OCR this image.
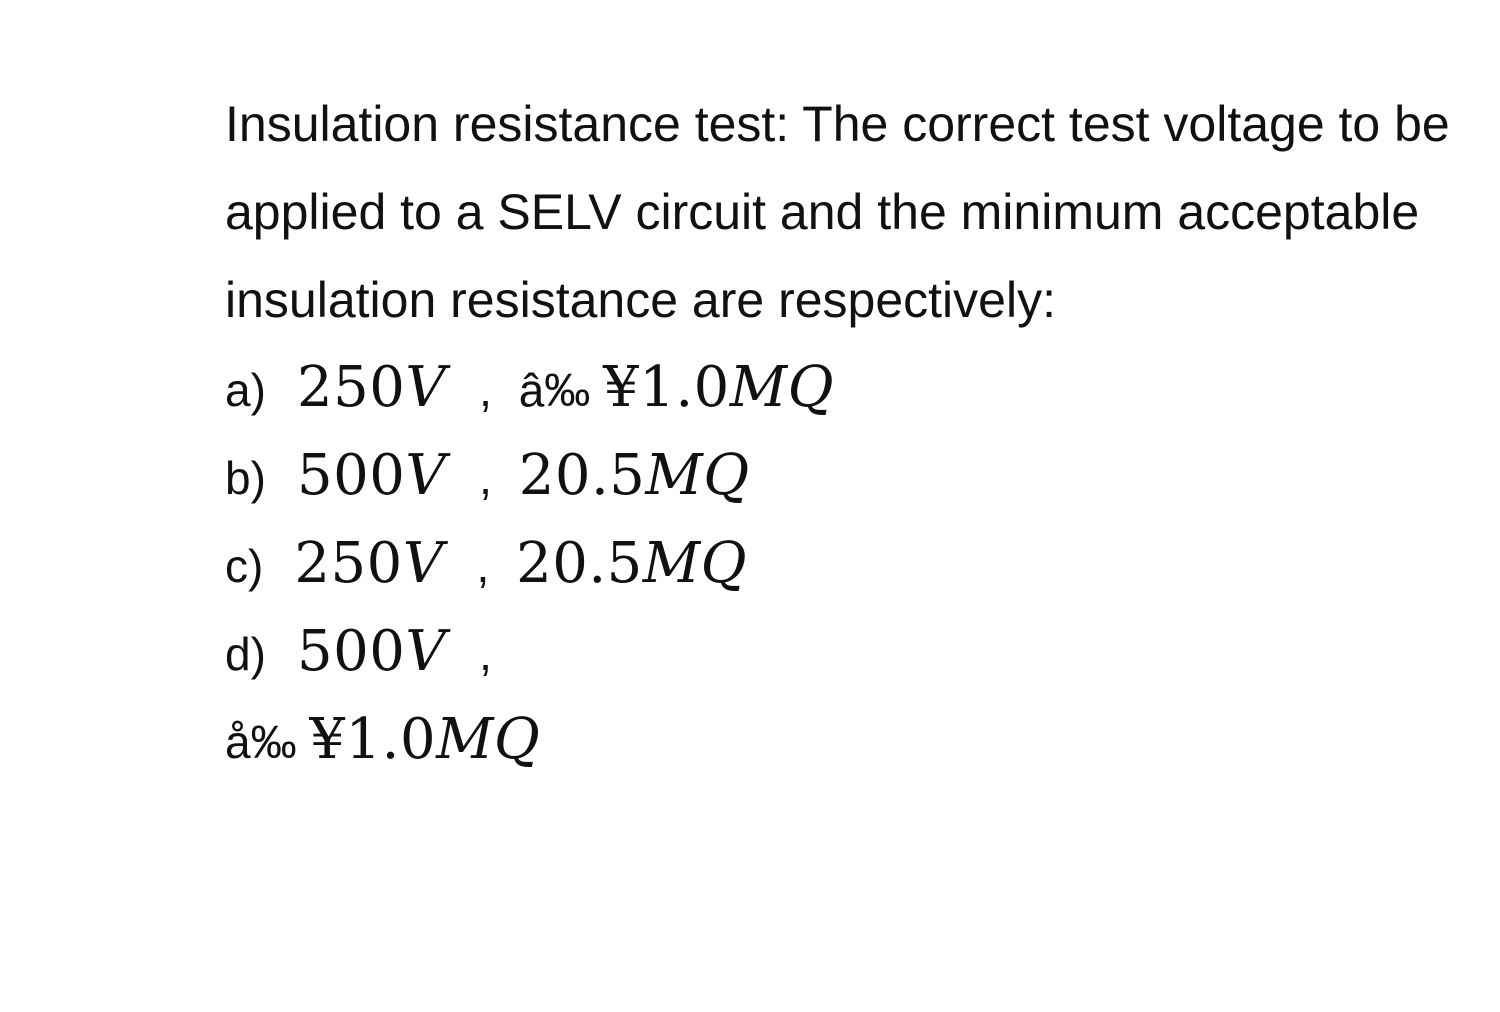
Insulation resistance test: The correct test voltage to be applied to a SELV circuit and the minimum acceptable insulation resistance are respectively:

a) 250V , â‰ ¥1.0MQ
b) 500V , 20.5MQ
c) 250V , 20.5MQ
d) 500V ,
å‰ ¥1.0MQ
